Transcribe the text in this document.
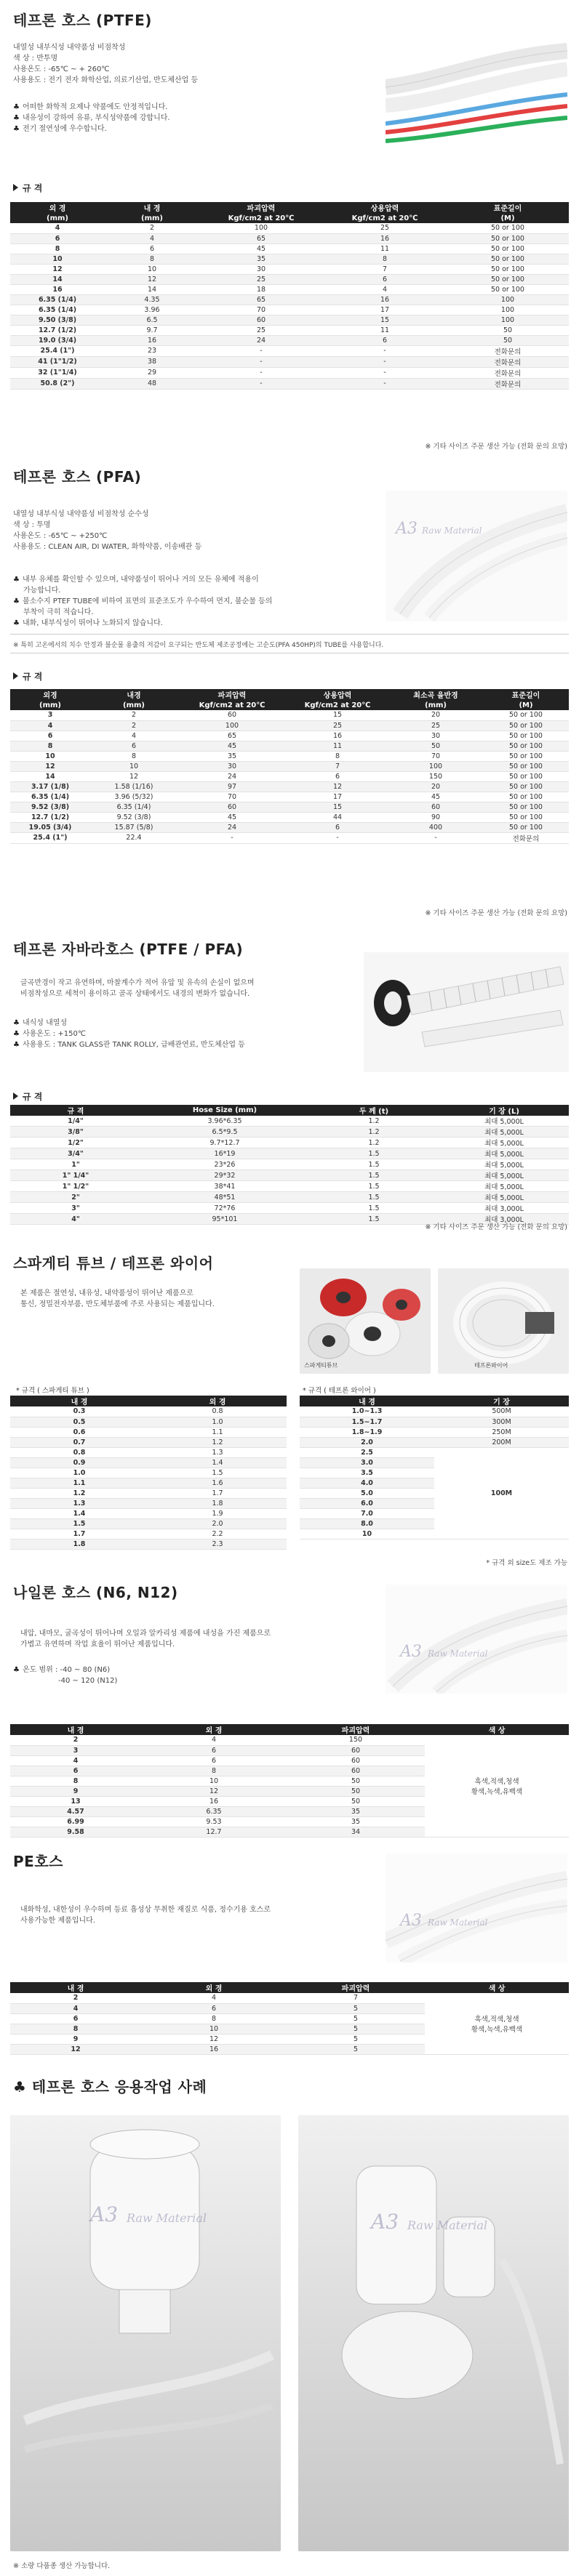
테프론 호스 (PTFE)
내열성 내부식성 내약품성 비점착성
색 상 : 반투명
사용온도 : -65℃ ~ + 260℃
사용용도 : 전기 전자 화학산업, 의료기산업, 반도체산업 등
♣ 어떠한 화학적 요제나 약품에도 안정적입니다.
♣ 내유성이 강하여 유류, 부식성약품에 강합니다.
♣ 전기 절연성에 우수합니다.
규 격
외 경	내 경	파괴압력	상용압력	표준길이
(mm)	(mm)	Kgf/cm2 at 20℃	Kgf/cm2 at 20℃	(M)
4	2	100	25	50 or 100
6	4	65	16	50 or 100
8	6	45	11	50 or 100
10	8	35	8	50 or 100
12	10	30	7	50 or 100
14	12	25	6	50 or 100
16	14	18	4	50 or 100
6.35 (1/4)	4.35	65	16	100
6.35 (1/4)	3.96	70	17	100
9.50 (3/8)	6.5	60	15	100
12.7 (1/2)	9.7	25	11	50
19.0 (3/4)	16	24	6	50
25.4 (1")	23	-	-	전화문의
41 (1"1/2)	38	-	-	전화문의
32 (1"1/4)	29	-	-	전화문의
50.8 (2")	48	-	-	전화문의
※ 기타 사이즈 주문 생산 가능 (전화 문의 요망)
테프론 호스 (PFA)
내열성 내부식성 내약품성 비점착성 순수성
색 상 : 투명
사용온도 : -65℃ ~ +250℃
사용용도 : CLEAN AIR, DI WATER, 화학약품, 이송배관 등
♣ 내부 유체를 확인할 수 있으며, 내약품성이 뛰어나 거의 모든 유체에 적용이
가능합니다.
♣ 불소수지 PTEF TUBE에 비하여 표면의 표준조도가 우수하여 먼지, 불순물 등의
부착이 극히 적습니다.
♣ 내화, 내부식성이 뛰어나 노화되지 않습니다.
A3 Raw Material
※ 특히 고온에서의 치수 안정과 불순물 용출의 저감이 요구되는 반도체 제조공정에는 고순도(PFA 450HP)의 TUBE를 사용합니다.
규 격
외경	내경	파괴압력	상용압력	최소곡 을반경	표준길이
(mm)	(mm)	Kgf/cm2 at 20℃	Kgf/cm2 at 20℃	(mm)	(M)
3	2	60	15	20	50 or 100
4	2	100	25	25	50 or 100
6	4	65	16	30	50 or 100
8	6	45	11	50	50 or 100
10	8	35	8	70	50 or 100
12	10	30	7	100	50 or 100
14	12	24	6	150	50 or 100
3.17 (1/8)	1.58 (1/16)	97	12	20	50 or 100
6.35 (1/4)	3.96 (5/32)	70	17	45	50 or 100
9.52 (3/8)	6.35 (1/4)	60	15	60	50 or 100
12.7 (1/2)	9.52 (3/8)	45	44	90	50 or 100
19.05 (3/4)	15.87 (5/8)	24	6	400	50 or 100
25.4 (1")	22.4	-	-	-	전화문의
※ 기타 사이즈 주문 생산 가능 (전화 문의 요망)
테프론 자바라호스 (PTFE / PFA)
글곡반경이 작고 유연하며, 마찰계수가 적어 유압 및 유속의 손실이 없으며
비점착성으로 세척이 용이하고 골곡 상태에서도 내경의 변화가 없습니다.
♣ 내식성 내열성
♣ 사용온도 : +150℃
♣ 사용용도 : TANK GLASS관 TANK ROLLY, 급배관연료, 반도체산업 등
규 격
규 격	Hose Size (mm)	두 께 (t)	기 장 (L)
1/4"	3.96*6.35	1.2	최대 5,000L
3/8"	6.5*9.5	1.2	최대 5,000L
1/2"	9.7*12.7	1.2	최대 5,000L
3/4"	16*19	1.5	최대 5,000L
1"	23*26	1.5	최대 5,000L
1" 1/4"	29*32	1.5	최대 5,000L
1" 1/2"	38*41	1.5	최대 5,000L
2"	48*51	1.5	최대 5,000L
3"	72*76	1.5	최대 3,000L
4"	95*101	1.5	최대 3,000L
※ 기타 사이즈 주문 생산 가능 (전화 문의 요망)
스파게티 튜브 / 테프론 와이어
본 제품은 절연성, 내유성, 내약품성이 뛰어난 제품으로
통신, 정밀전자부품, 반도체부품에 주로 사용되는 제품입니다.
스파게티튜브	테프론와이어
* 규격 ( 스파게티 튜브 )	* 규격 ( 테프론 와이어 )
내 경	외 경
0.3	0.8
0.5	1.0
0.6	1.1
0.7	1.2
0.8	1.3
0.9	1.4
1.0	1.5
1.1	1.6
1.2	1.7
1.3	1.8
1.4	1.9
1.5	2.0
1.7	2.2
1.8	2.3
내 경	기 장
1.0~1.3	500M
1.5~1.7	300M
1.8~1.9	250M
2.0	200M
2.5	100M
3.0	
3.5	
4.0	
5.0	
6.0	
7.0	
8.0	
10	
* 규격 외 size도 제조 가능
나일론 호스 (N6, N12)
내압, 내마모, 굴곡성이 뛰어나며 오일과 알카리성 제품에 내성을 가진 제품으로
가볍고 유연하며 작업 효율이 뛰어난 제품입니다.
♣ 온도 범위 : -40 ~ 80 (N6)
-40 ~ 120 (N12)
A3 Raw Material
내 경	외 경	파괴압력	색 상
2	4	150	흑색,적색,청색
황색,녹색,유백색

3	6	60	
4	6	60	
6	8	60	
8	10	50	
9	12	50	
13	16	50	
4.57	6.35	35	
6.99	9.53	35	
9.58	12.7	34	
PE호스
내화학성, 내한성이 우수하며 등료 흡성상 무취한 재질로 식품, 정수기용 호스로
사용가능한 제품입니다.	A3 Raw Material
내 경	외 경	파괴압력	색 상
2	4	7	흑색,적색,청색
황색,녹색,유백색

4	6	5	
6	8	5	
8	10	5	
9	12	5	
12	16	5	
♣ 테프론 호스 응용작업 사례
A3 Raw Material	A3 Raw Material
※ 소량 다품종 생산 가능합니다.
